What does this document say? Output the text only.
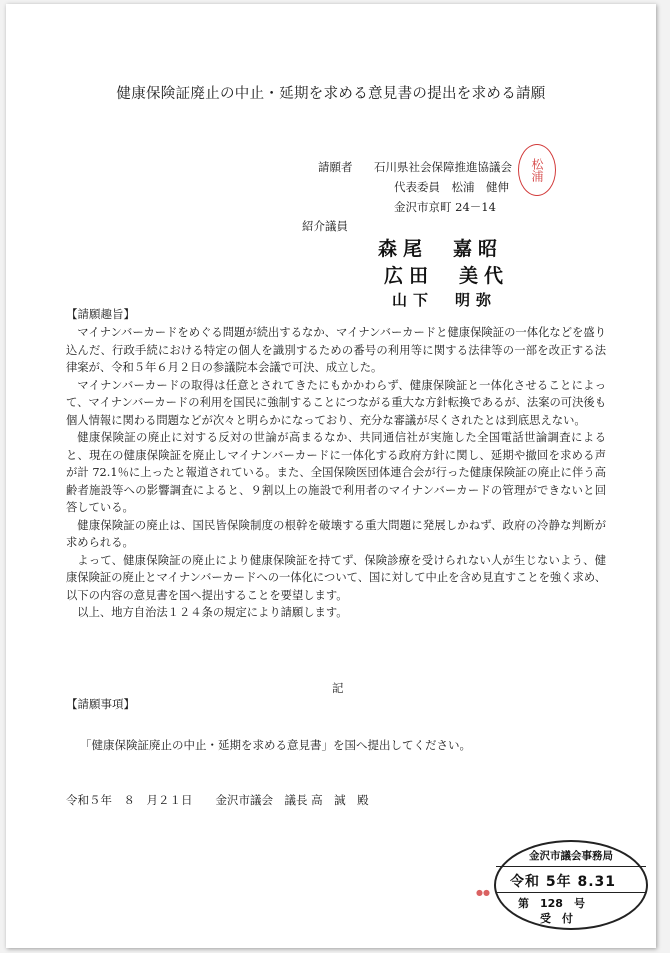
健康保険証廃止の中止・延期を求める意見書の提出を求める請願
請願者 石川県社会保障推進協議会
代表委員　松浦　健伸
松浦
金沢市京町 24－14
紹介議員
森尾　嘉昭
広田　美代
山下　明弥
【請願趣旨】

マイナンバーカードをめぐる問題が続出するなか、マイナンバーカードと健康保険証の一体化などを盛り込んだ、行政手続における特定の個人を識別するための番号の利用等に関する法律等の一部を改正する法律案が、令和５年６月２日の参議院本会議で可決、成立した。

マイナンバーカードの取得は任意とされてきたにもかかわらず、健康保険証と一体化させることによって、マイナンバーカードの利用を国民に強制することにつながる重大な方針転換であるが、法案の可決後も個人情報に関わる問題などが次々と明らかになっており、充分な審議が尽くされたとは到底思えない。

健康保険証の廃止に対する反対の世論が高まるなか、共同通信社が実施した全国電話世論調査によると、現在の健康保険証を廃止しマイナンバーカードに一体化する政府方針に関し、延期や撤回を求める声が計 72.1％に上ったと報道されている。また、全国保険医団体連合会が行った健康保険証の廃止に伴う高齢者施設等への影響調査によると、９割以上の施設で利用者のマイナンバーカードの管理ができないと回答している。

健康保険証の廃止は、国民皆保険制度の根幹を破壊する重大問題に発展しかねず、政府の冷静な判断が求められる。

よって、健康保険証の廃止により健康保険証を持てず、保険診療を受けられない人が生じないよう、健康保険証の廃止とマイナンバーカードへの一体化について、国に対して中止を含め見直すことを強く求め、以下の内容の意見書を国へ提出することを要望します。

以上、地方自治法１２４条の規定により請願します。

記
【請願事項】
「健康保険証廃止の中止・延期を求める意見書」を国へ提出してください。
令和５年　８　月２１日　　金沢市議会　議長 高　誠　殿
●●
金沢市議会事務局
令和 5年 8.31
第　128　号
受　付
